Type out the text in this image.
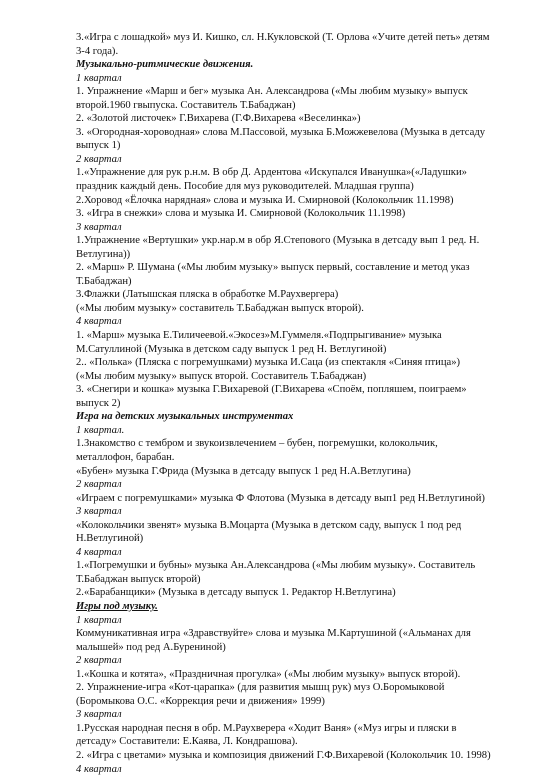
3.«Игра с лошадкой» муз И. Кишко, сл. Н.Кукловской (Т. Орлова «Учите детей петь» детям
3-4 года).
Музыкально-ритмические движения.
1 квартал
1. Упражнение «Марш и бег» музыка Ан. Александрова («Мы любим музыку» выпуск
второй.1960 гвыпуска. Составитель Т.Бабаджан)
2. «Золотой листочек» Г.Вихарева (Г.Ф.Вихарева «Веселинка»)
3. «Огородная-хороводная» слова М.Пассовой, музыка Б.Можжевелова (Музыка в детсаду
выпуск 1)
2 квартал
1.«Упражнение для рук р.н.м. В обр Д. Ардентова «Искупался Иванушка»(«Ладушки»
праздник каждый день. Пособие для муз руководителей. Младшая группа)
2.Хоровод «Ёлочка нарядная» слова и музыка И. Смирновой (Колокольчик 11.1998)
3. «Игра в снежки» слова и музыка И. Смирновой (Колокольчик 11.1998)
3 квартал
1.Упражнение «Вертушки» укр.нар.м в обр Я.Степового (Музыка в детсаду вып 1 ред. Н.
Ветлугина))
2. «Марш» Р. Шумана («Мы любим музыку» выпуск первый, составление и метод указ
Т.Бабаджан)
3.Флажки (Латышская пляска в обработке М.Раухвергера)
(«Мы любим музыку» составитель Т.Бабаджан выпуск второй).
4 квартал
1. «Марш» музыка Е.Тиличеевой.«Экосез»М.Гуммеля.«Подпрыгивание» музыка
М.Сатуллиной (Музыка в детском саду выпуск 1 ред Н. Ветлугиной)
2.. «Полька» (Пляска с погремушками) музыка И.Саца (из спектакля «Синяя птица»)
(«Мы любим музыку» выпуск второй. Составитель Т.Бабаджан)
3. «Снегири и кошка» музыка Г.Вихаревой (Г.Вихарева «Споём, попляшем, поиграем»
выпуск 2)
Игра на детских музыкальных инструментах
1 квартал.
1.Знакомство с тембром и звукоизвлечением – бубен, погремушки, колокольчик,
металлофон, барабан.
«Бубен» музыка Г.Фрида (Музыка в детсаду выпуск 1 ред Н.А.Ветлугина)
2 квартал
«Играем с погремушками» музыка Ф Флотова (Музыка в детсаду вып1 ред Н.Ветлугиной)
3 квартал
«Колокольчики звенят» музыка В.Моцарта (Музыка в детском саду, выпуск 1 под ред
Н.Ветлугиной)
4 квартал
1.«Погремушки и бубны» музыка Ан.Александрова («Мы любим музыку». Составитель
Т.Бабаджан выпуск второй)
2.«Барабанщики» (Музыка в детсаду выпуск 1. Редактор Н.Ветлугина)
Игры под музыку.
1 квартал
Коммуникативная игра «Здравствуйте» слова и музыка М.Картушиной («Альманах для
малышей» под ред А.Бурениной)
2 квартал
1.«Кошка и котята», «Праздничная прогулка» («Мы любим музыку» выпуск второй).
2. Упражнение-игра «Кот-царапка» (для развития мышц рук) муз О.Боромыковой
(Боромыкова О.С. «Коррекция речи и движения» 1999)
3 квартал
1.Русская народная песня в обр. М.Раухверера «Ходит Ваня» («Муз игры и пляски в
детсаду» Составители: Е.Каява, Л. Кондрашова).
2. «Игра с цветами» музыка и композиция движений Г.Ф.Вихаревой (Колокольчик 10. 1998)
4 квартал
